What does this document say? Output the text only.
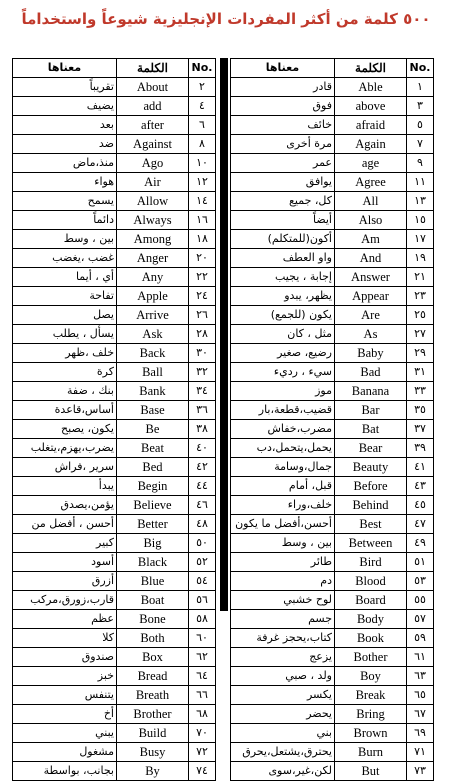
٥٠٠ كلمة من أكثر المفردات الإنجليزية شيوعاً واستخداماً
معناها	الكلمة	No.
تقريباً	About	٢
يضيف	add	٤
بعد	after	٦
ضد	Against	٨
منذ،ماض	Ago	١٠
هواء	Air	١٢
يسمح	Allow	١٤
دائماً	Always	١٦
بين ، وسط	Among	١٨
غضب ،يغضب	Anger	٢٠
أي ، أيما	Any	٢٢
تفاحة	Apple	٢٤
يصل	Arrive	٢٦
يسأل ، يطلب	Ask	٢٨
خلف ،ظهر	Back	٣٠
كرة	Ball	٣٢
بنك ، ضفة	Bank	٣٤
أساس،قاعدة	Base	٣٦
يكون، يصبح	Be	٣٨
يضرب،يهزم،يتغلب	Beat	٤٠
سرير ،فراش	Bed	٤٢
يبدأ	Begin	٤٤
يؤمن،يصدق	Believe	٤٦
أحسن ، أفضل من	Better	٤٨
كبير	Big	٥٠
أسود	Black	٥٢
أزرق	Blue	٥٤
قارب،زورق،مركب	Boat	٥٦
عظم	Bone	٥٨
كلا	Both	٦٠
صندوق	Box	٦٢
خبز	Bread	٦٤
يتنفس	Breath	٦٦
أخ	Brother	٦٨
يبني	Build	٧٠
مشغول	Busy	٧٢
بجانب، بواسطة	By	٧٤
معناها	الكلمة	No.
قادر	Able	١
فوق	above	٣
خائف	afraid	٥
مرة أخرى	Again	٧
عمر	age	٩
يوافق	Agree	١١
كل، جميع	All	١٣
أيضاً	Also	١٥
أكون(للمتكلم)	Am	١٧
واو العطف	And	١٩
إجابة ، يجيب	Answer	٢١
يظهر، يبدو	Appear	٢٣
يكون (للجمع)	Are	٢٥
مثل ، كان	As	٢٧
رضيع، صغير	Baby	٢٩
سيء ، رديء	Bad	٣١
موز	Banana	٣٣
قضيب،قطعة،بار	Bar	٣٥
مضرب،خفاش	Bat	٣٧
يحمل،يتحمل،دب	Bear	٣٩
جمال،وسامة	Beauty	٤١
قبل، أمام	Before	٤٣
خلف،وراء	Behind	٤٥
أحسن،أفضل ما يكون	Best	٤٧
بين ، وسط	Between	٤٩
طائر	Bird	٥١
دم	Blood	٥٣
لوح خشبي	Board	٥٥
جسم	Body	٥٧
كتاب،يحجز غرفة	Book	٥٩
يزعج	Bother	٦١
ولد ، صبي	Boy	٦٣
يكسر	Break	٦٥
يحضر	Bring	٦٧
بني	Brown	٦٩
يحترق،يشتعل،يحرق	Burn	٧١
لكن،غير،سوى	But	٧٣
